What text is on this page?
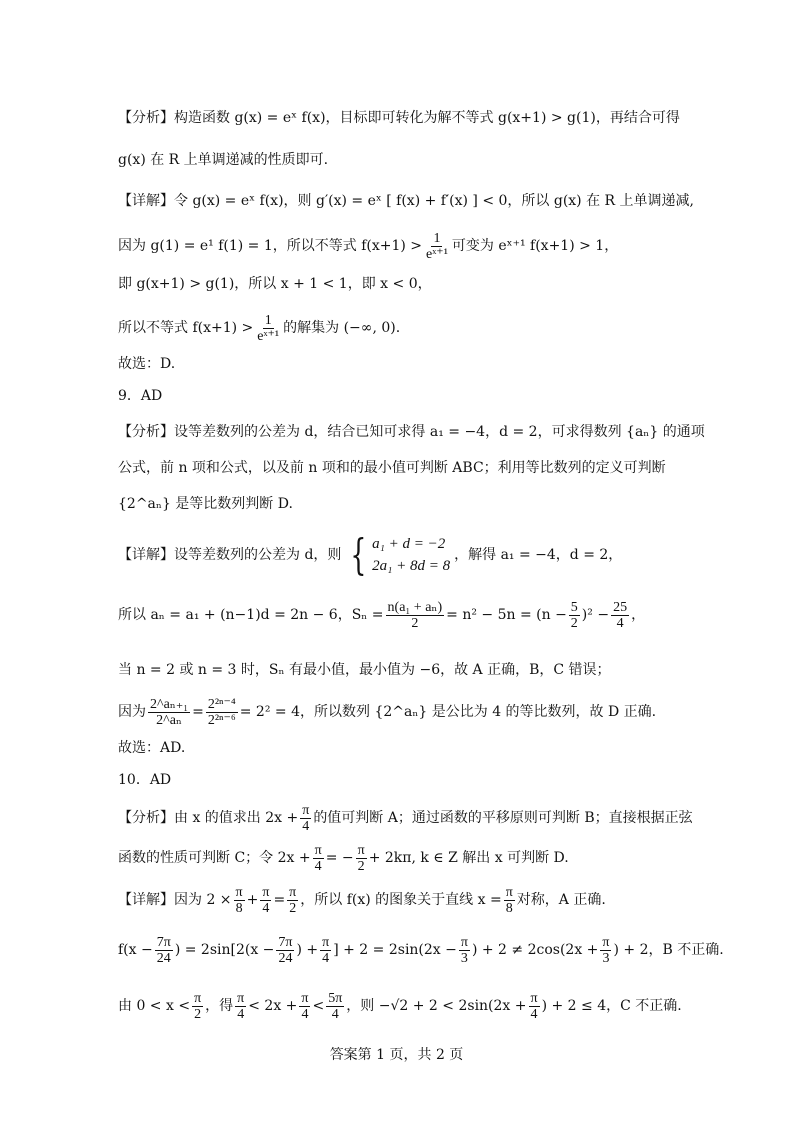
【分析】构造函数 g(x) = eˣ f(x)，目标即可转化为解不等式 g(x+1) > g(1)，再结合可得
g(x) 在 R 上单调递减的性质即可.
【详解】令 g(x) = eˣ f(x)，则 g′(x) = eˣ [ f(x) + f′(x) ] < 0，所以 g(x) 在 R 上单调递减,
因为 g(1) = e¹ f(1) = 1，所以不等式 $f(x+1) > \frac{1}{\text{eˣ⁺¹}}$ 可变为 eˣ⁺¹ f(x+1) > 1，
即 g(x+1) > g(1)，所以 x + 1 < 1，即 x < 0，
所以不等式 $f(x+1) > \frac{1}{\text{eˣ⁺¹}}$ 的解集为 (−∞, 0).
故选：D.
9．AD
【分析】设等差数列的公差为 d，结合已知可求得 a₁ = −4，d = 2，可求得数列 {aₙ} 的通项
公式，前 n 项和公式，以及前 n 项和的最小值可判断 ABC；利用等比数列的定义可判断
{2^aₙ} 是等比数列判断 D.
【详解】设等差数列的公差为 d，则 { a₁ + d = −2
2a₁ + 8d = 8
，解得 a₁ = −4，d = 2，
所以 aₙ = a₁ + (n−1)d = 2n − 6，$S_n = \frac{\text{n(a₁ + aₙ)}}{2} = n^2 - 5n = (n - \frac{5}{2} )^2 - \frac{25}{4}$ ，
当 n = 2 或 n = 3 时，Sₙ 有最小值，最小值为 −6，故 A 正确，B，C 错误；
因为 $\frac{\text{2\textasciicircum{}aₙ₊₁}}{\text{2\textasciicircum{}aₙ}} = \frac{\text{2²ⁿ⁻⁴}}{\text{2²ⁿ⁻⁶}} = 2^2 = 4$，所以数列 {2^aₙ} 是公比为 4 的等比数列，故 D 正确.
故选：AD.
10．AD
【分析】由 x 的值求出 $2x + \frac{\pi}{4}$ 的值可判断 A；通过函数的平移原则可判断 B；直接根据正弦
函数的性质可判断 C；令 $2x + \frac{\pi}{4}$ = − $\frac{\pi}{2} + 2k\pi$, k ∈ Z 解出 x 可判断 D.
【详解】因为 $2 \times \frac{\pi}{8} + \frac{\pi}{4} = \frac{\pi}{2}$ ，所以 f(x) 的图象关于直线 $x = \frac{\pi}{8}$ 对称，A 正确.
$f(x - \frac{7\pi}{24}$ ) = $2\sin[2(x - \frac{7\pi}{24}$ ) + $\frac{\pi}{4}$ ] + $2 = 2\sin(2x - \frac{\pi}{3}$ ) + $2 \ne 2\cos(2x + \frac{\pi}{3}$ ) + 2，B 不正确.
由 $0 < x < \frac{\pi}{2}$ ，得 $\frac{\pi}{4} < 2x + \frac{\pi}{4} < \frac{5\pi}{4}$ ，则 $-√2 + 2 < 2\sin(2x + \frac{\pi}{4}$ ) + 2 ≤ 4，C 不正确.
答案第 1 页，共 2 页
